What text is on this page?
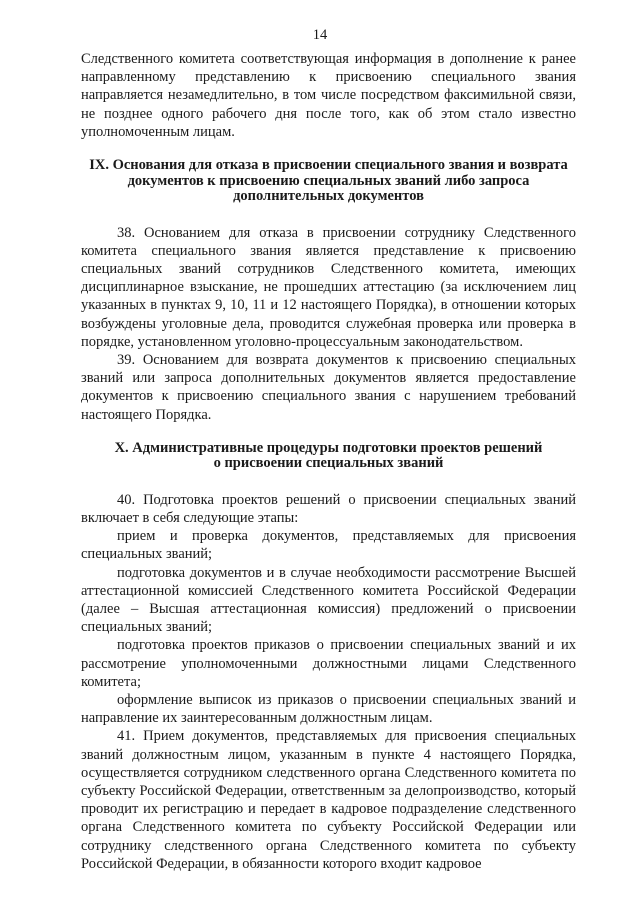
14

Следственного комитета соответствующая информация в дополнение к ранее направленному представлению к присвоению специального звания направляется незамедлительно, в том числе посредством факсимильной связи, не позднее одного рабочего дня после того, как об этом стало известно уполномоченным лицам.

IX. Основания для отказа в присвоении специального звания и возврата
документов к присвоению специальных званий либо запроса
дополнительных документов

38. Основанием для отказа в присвоении сотруднику Следственного комитета специального звания является представление к присвоению специальных званий сотрудников Следственного комитета, имеющих дисциплинарное взыскание, не прошедших аттестацию (за исключением лиц указанных в пунктах 9, 10, 11 и 12 настоящего Порядка), в отношении которых возбуждены уголовные дела, проводится служебная проверка или проверка в порядке, установленном уголовно-процессуальным законодательством.

39. Основанием для возврата документов к присвоению специальных званий или запроса дополнительных документов является предоставление документов к присвоению специального звания с нарушением требований настоящего Порядка.

X. Административные процедуры подготовки проектов решений
о присвоении специальных званий

40. Подготовка проектов решений о присвоении специальных званий включает в себя следующие этапы:

прием и проверка документов, представляемых для присвоения специальных званий;

подготовка документов и в случае необходимости рассмотрение Высшей аттестационной комиссией Следственного комитета Российской Федерации (далее – Высшая аттестационная комиссия) предложений о присвоении специальных званий;

подготовка проектов приказов о присвоении специальных званий и их рассмотрение уполномоченными должностными лицами Следственного комитета;

оформление выписок из приказов о присвоении специальных званий и направление их заинтересованным должностным лицам.

41. Прием документов, представляемых для присвоения специальных званий должностным лицом, указанным в пункте 4 настоящего Порядка, осуществляется сотрудником следственного органа Следственного комитета по субъекту Российской Федерации, ответственным за делопроизводство, который проводит их регистрацию и передает в кадровое подразделение следственного органа Следственного комитета по субъекту Российской Федерации или сотруднику следственного органа Следственного комитета по субъекту Российской Федерации, в обязанности которого входит кадровое
